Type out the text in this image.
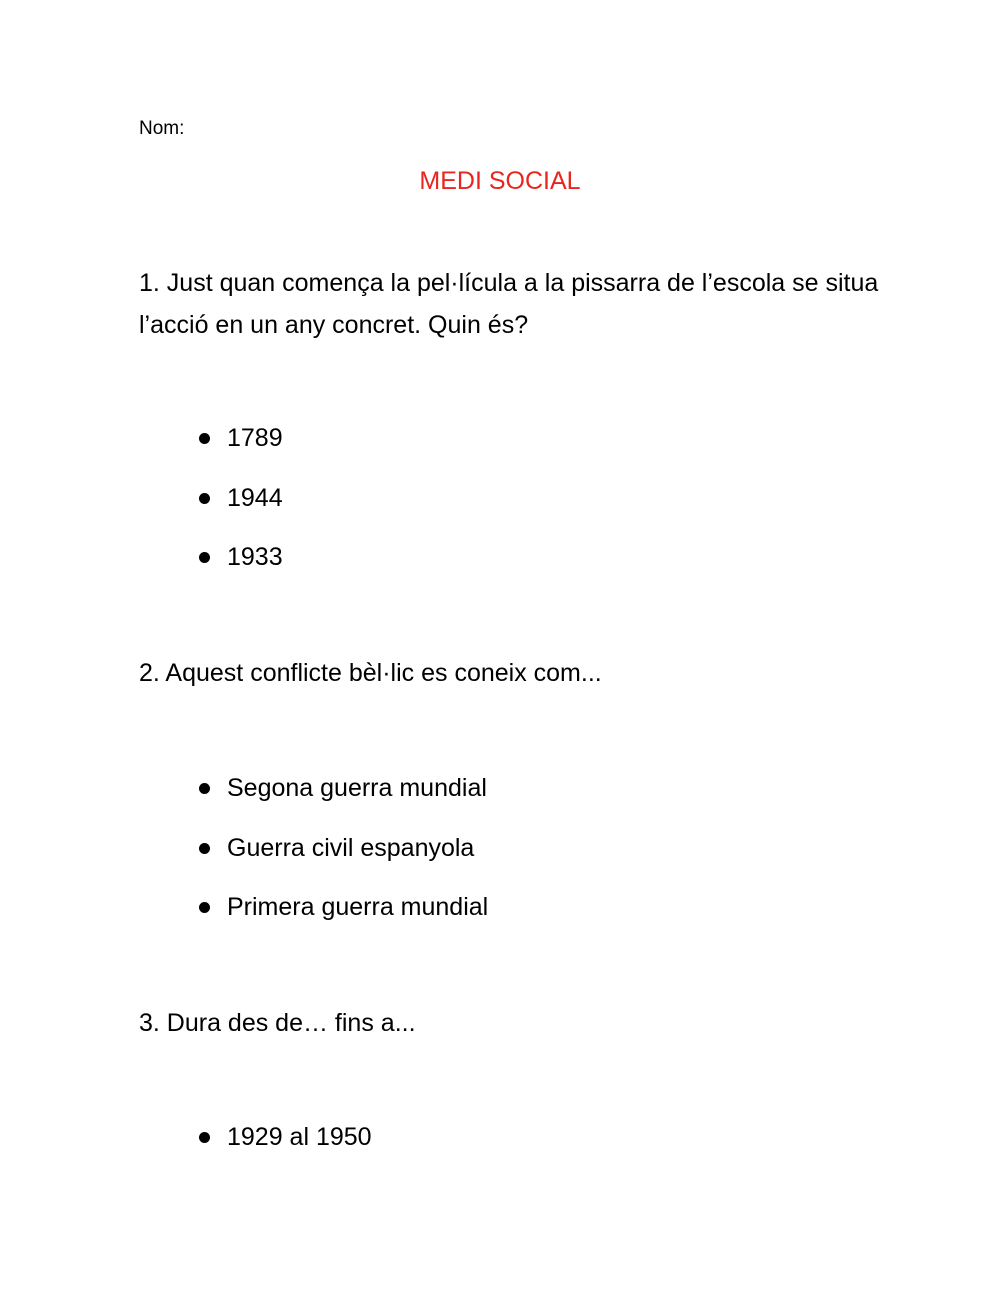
Nom:
MEDI SOCIAL

1. Just quan comença la pel·lícula a la pissarra de l’escola se situa l’acció en un any concret. Quin és?

1789
1944
1933

2. Aquest conflicte bèl·lic es coneix com...

Segona guerra mundial
Guerra civil espanyola
Primera guerra mundial

3. Dura des de… fins a...

1929 al 1950
